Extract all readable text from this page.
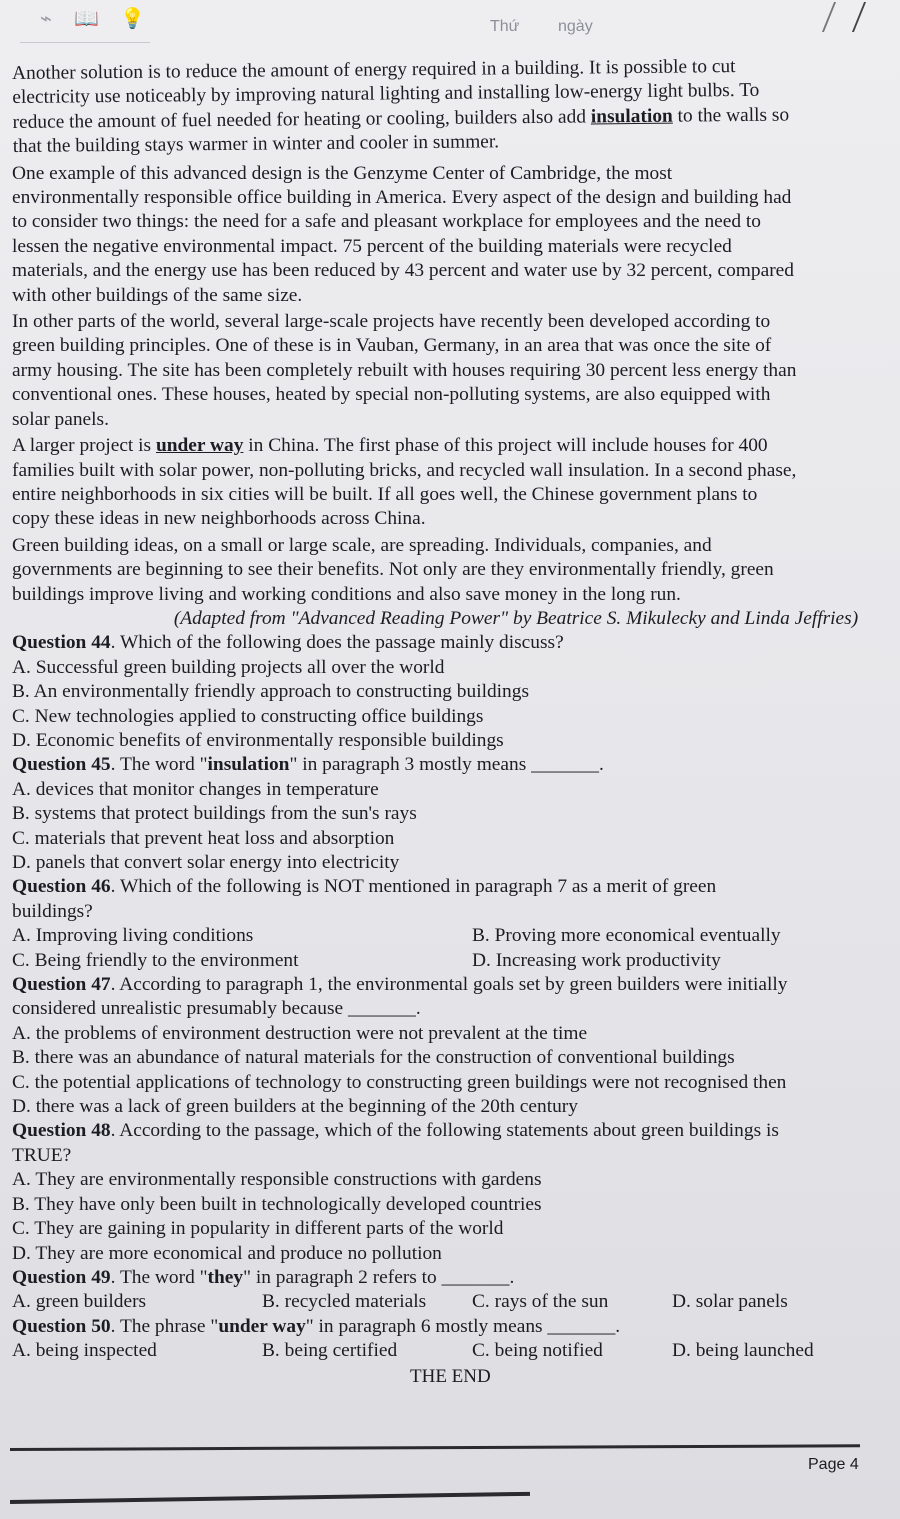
⌁ 📖 💡	Thứ ngày

Another solution is to reduce the amount of energy required in a building. It is possible to cut
electricity use noticeably by improving natural lighting and installing low-energy light bulbs. To
reduce the amount of fuel needed for heating or cooling, builders also add insulation to the walls so
that the building stays warmer in winter and cooler in summer.

One example of this advanced design is the Genzyme Center of Cambridge, the most
environmentally responsible office building in America. Every aspect of the design and building had
to consider two things: the need for a safe and pleasant workplace for employees and the need to
lessen the negative environmental impact. 75 percent of the building materials were recycled
materials, and the energy use has been reduced by 43 percent and water use by 32 percent, compared
with other buildings of the same size.

In other parts of the world, several large-scale projects have recently been developed according to
green building principles. One of these is in Vauban, Germany, in an area that was once the site of
army housing. The site has been completely rebuilt with houses requiring 30 percent less energy than
conventional ones. These houses, heated by special non-polluting systems, are also equipped with
solar panels.

A larger project is under way in China. The first phase of this project will include houses for 400
families built with solar power, non-polluting bricks, and recycled wall insulation. In a second phase,
entire neighborhoods in six cities will be built. If all goes well, the Chinese government plans to
copy these ideas in new neighborhoods across China.

Green building ideas, on a small or large scale, are spreading. Individuals, companies, and
governments are beginning to see their benefits. Not only are they environmentally friendly, green
buildings improve living and working conditions and also save money in the long run.

(Adapted from "Advanced Reading Power" by Beatrice S. Mikulecky and Linda Jeffries)

Question 44. Which of the following does the passage mainly discuss?

A. Successful green building projects all over the world

B. An environmentally friendly approach to constructing buildings

C. New technologies applied to constructing office buildings

D. Economic benefits of environmentally responsible buildings

Question 45. The word "insulation" in paragraph 3 mostly means _______.

A. devices that monitor changes in temperature

B. systems that protect buildings from the sun's rays

C. materials that prevent heat loss and absorption

D. panels that convert solar energy into electricity

Question 46. Which of the following is NOT mentioned in paragraph 7 as a merit of green
buildings?

A. Improving living conditions	B. Proving more economical eventually
C. Being friendly to the environment	D. Increasing work productivity

Question 47. According to paragraph 1, the environmental goals set by green builders were initially
considered unrealistic presumably because _______.

A. the problems of environment destruction were not prevalent at the time

B. there was an abundance of natural materials for the construction of conventional buildings

C. the potential applications of technology to constructing green buildings were not recognised then

D. there was a lack of green builders at the beginning of the 20th century

Question 48. According to the passage, which of the following statements about green buildings is
TRUE?

A. They are environmentally responsible constructions with gardens

B. They have only been built in technologically developed countries

C. They are gaining in popularity in different parts of the world

D. They are more economical and produce no pollution

Question 49. The word "they" in paragraph 2 refers to _______.

A. green builders	B. recycled materials	C. rays of the sun	D. solar panels

Question 50. The phrase "under way" in paragraph 6 mostly means _______.

A. being inspected	B. being certified	C. being notified	D. being launched
THE END
Page 4
